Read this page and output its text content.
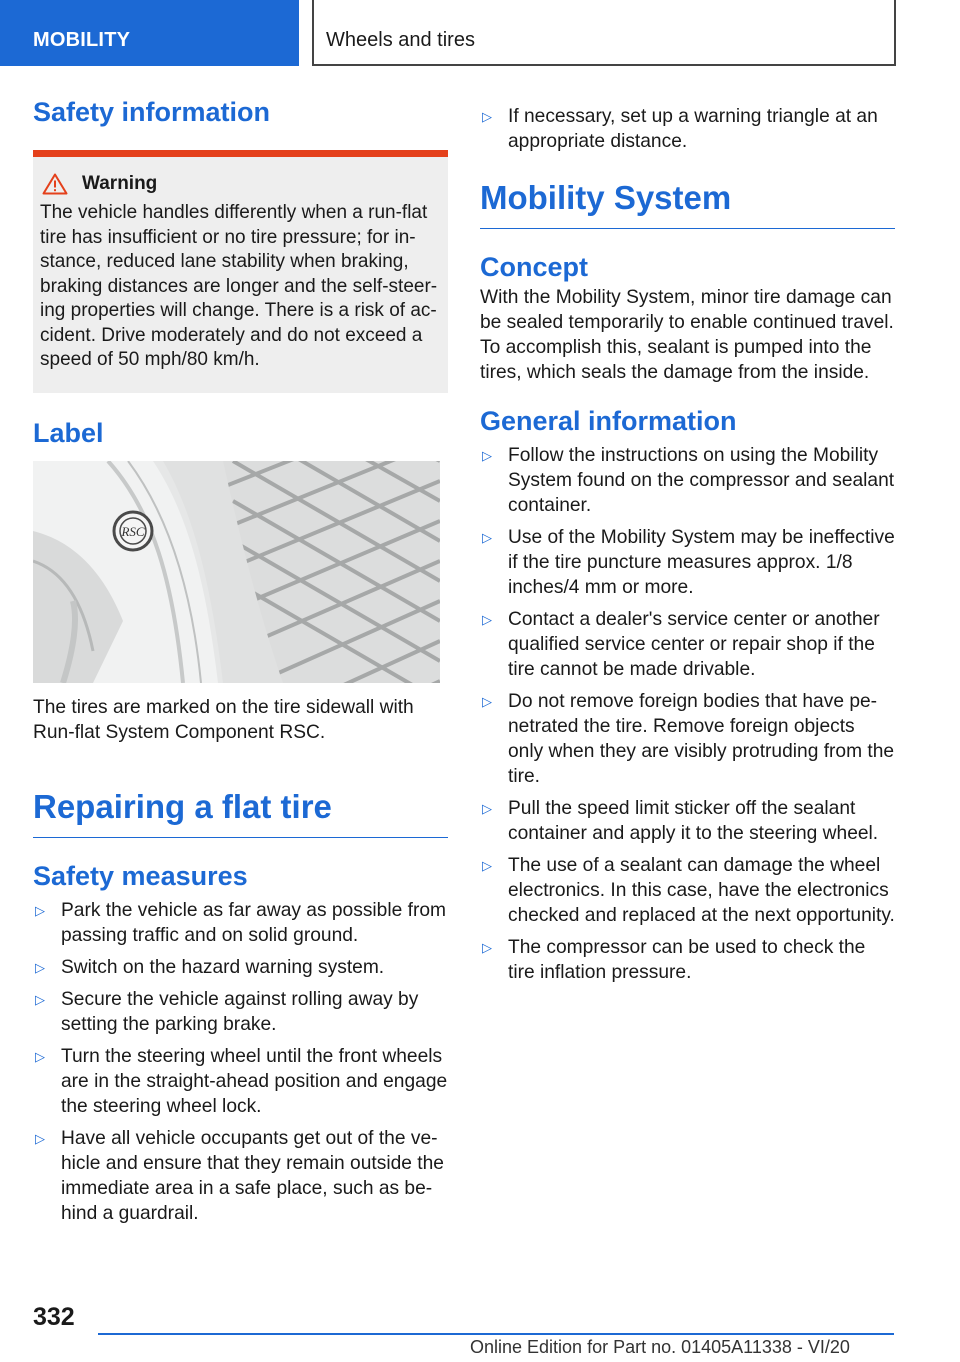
MOBILITY	Wheels and tires
Safety information
Warning

The vehicle handles differently when a run-flat tire has insufficient or no tire pressure; for instance, reduced lane stability when braking, braking distances are longer and the self-steering properties will change. There is a risk of accident. Drive moderately and do not exceed a speed of 50 mph/80 km/h.

Label
RSC

The tires are marked on the tire sidewall with Run-flat System Component RSC.

Repairing a flat tire
Safety measures
▷ Park the vehicle as far away as possible from passing traffic and on solid ground.
▷ Switch on the hazard warning system.
▷ Secure the vehicle against rolling away by setting the parking brake.
▷ Turn the steering wheel until the front wheels are in the straight-ahead position and engage the steering wheel lock.
▷ Have all vehicle occupants get out of the vehicle and ensure that they remain outside the immediate area in a safe place, such as behind a guardrail.
▷ If necessary, set up a warning triangle at an appropriate distance.
Mobility System
Concept

With the Mobility System, minor tire damage can be sealed temporarily to enable continued travel. To accomplish this, sealant is pumped into the tires, which seals the damage from the inside.

General information
▷ Follow the instructions on using the Mobility System found on the compressor and sealant container.
▷ Use of the Mobility System may be ineffective if the tire puncture measures approx. 1/8 inches/4 mm or more.
▷ Contact a dealer's service center or another qualified service center or repair shop if the tire cannot be made drivable.
▷ Do not remove foreign bodies that have penetrated the tire. Remove foreign objects only when they are visibly protruding from the tire.
▷ Pull the speed limit sticker off the sealant container and apply it to the steering wheel.
▷ The use of a sealant can damage the wheel electronics. In this case, have the electronics checked and replaced at the next opportunity.
▷ The compressor can be used to check the tire inflation pressure.
332
Online Edition for Part no. 01405A11338 - VI/20
